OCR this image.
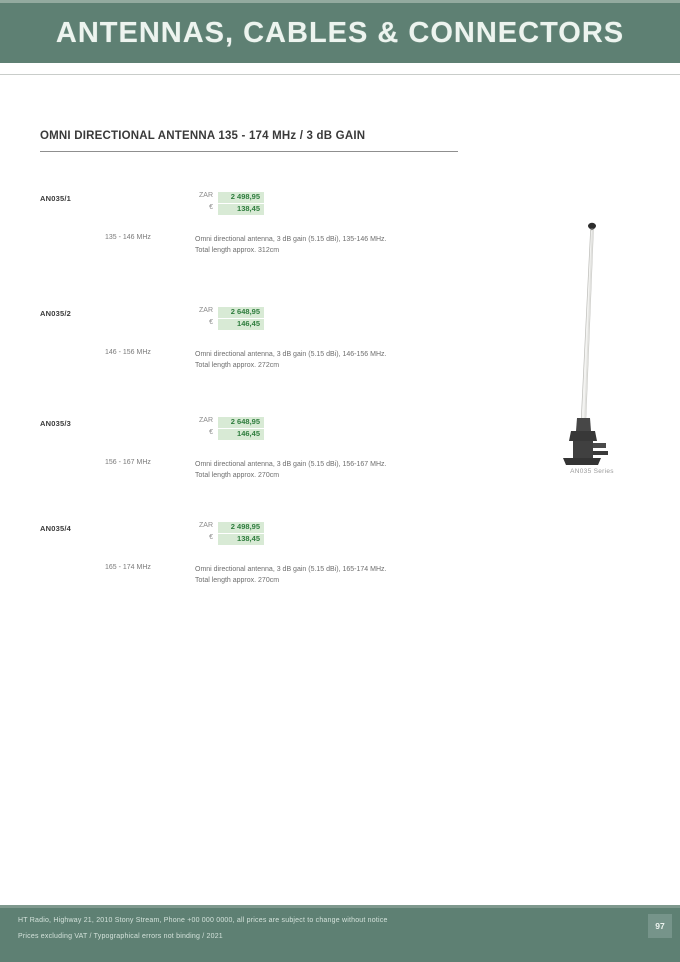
ANTENNAS, CABLES & CONNECTORS
OMNI DIRECTIONAL ANTENNA 135 - 174 MHz / 3 dB GAIN
AN035/1	ZAR	2 498,95
€	138,45
135 - 146 MHz	Omni directional antenna, 3 dB gain (5.15 dBi), 135-146 MHz.
Total length approx. 312cm
AN035/2	ZAR	2 648,95
€	146,45
146 - 156 MHz	Omni directional antenna, 3 dB gain (5.15 dBi), 146-156 MHz.
Total length approx. 272cm
AN035/3	ZAR	2 648,95
€	146,45
156 - 167 MHz	Omni directional antenna, 3 dB gain (5.15 dBi), 156-167 MHz.
Total length approx. 270cm
AN035/4	ZAR	2 498,95
€	138,45
165 - 174 MHz	Omni directional antenna, 3 dB gain (5.15 dBi), 165-174 MHz.
Total length approx. 270cm
AN035 Series
HT Radio, Highway 21, 2010 Stony Stream, Phone +00 000 0000, all prices are subject to change without notice
Prices excluding VAT / Typographical errors not binding / 2021
97
